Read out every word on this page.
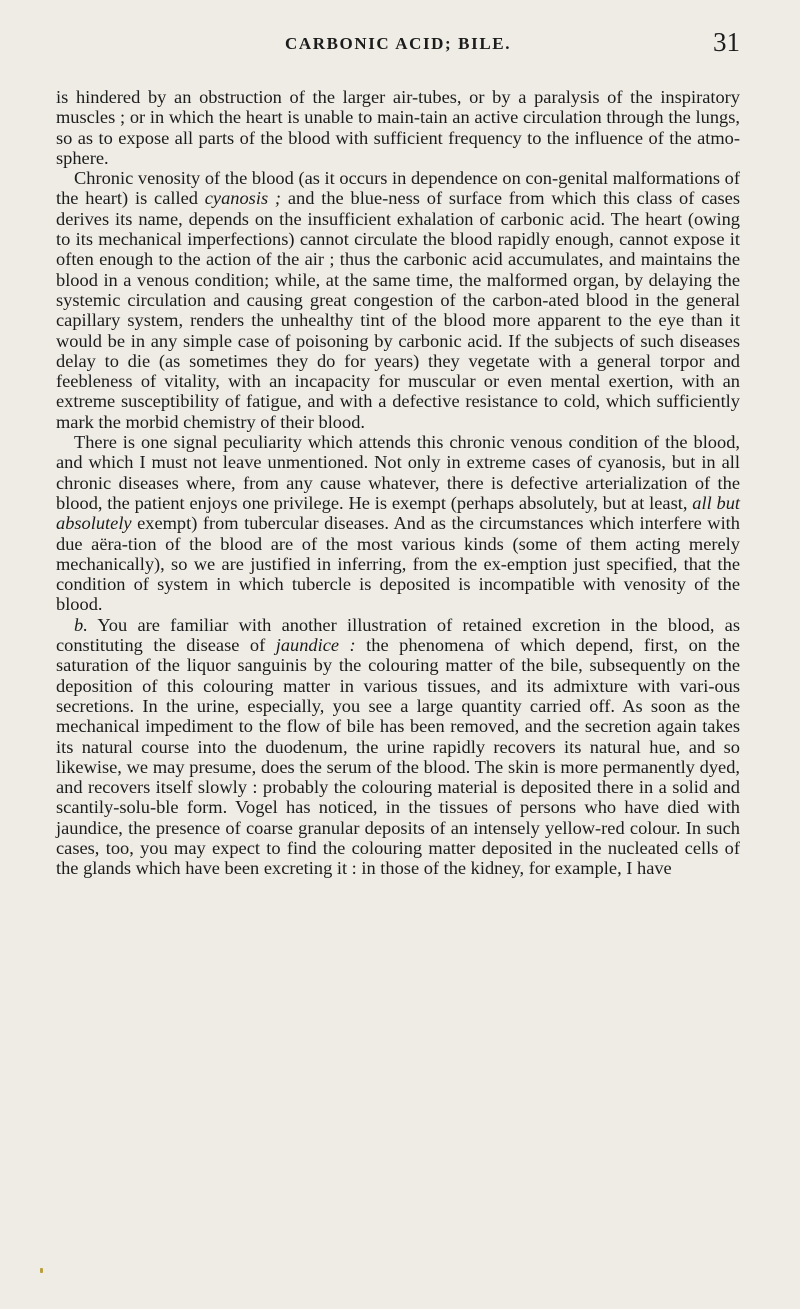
CARBONIC ACID; BILE.	31

is hindered by an obstruction of the larger air-tubes, or by a paralysis of the inspiratory muscles ; or in which the heart is unable to main-tain an active circulation through the lungs, so as to expose all parts of the blood with sufficient frequency to the influence of the atmo-sphere.

Chronic venosity of the blood (as it occurs in dependence on con-genital malformations of the heart) is called cyanosis ; and the blue-ness of surface from which this class of cases derives its name, depends on the insufficient exhalation of carbonic acid. The heart (owing to its mechanical imperfections) cannot circulate the blood rapidly enough, cannot expose it often enough to the action of the air ; thus the carbonic acid accumulates, and maintains the blood in a venous condition; while, at the same time, the malformed organ, by delaying the systemic circulation and causing great congestion of the carbon-ated blood in the general capillary system, renders the unhealthy tint of the blood more apparent to the eye than it would be in any simple case of poisoning by carbonic acid. If the subjects of such diseases delay to die (as sometimes they do for years) they vegetate with a general torpor and feebleness of vitality, with an incapacity for muscular or even mental exertion, with an extreme susceptibility of fatigue, and with a defective resistance to cold, which sufficiently mark the morbid chemistry of their blood.

There is one signal peculiarity which attends this chronic venous condition of the blood, and which I must not leave unmentioned. Not only in extreme cases of cyanosis, but in all chronic diseases where, from any cause whatever, there is defective arterialization of the blood, the patient enjoys one privilege. He is exempt (perhaps absolutely, but at least, all but absolutely exempt) from tubercular diseases. And as the circumstances which interfere with due aëra-tion of the blood are of the most various kinds (some of them acting merely mechanically), so we are justified in inferring, from the ex-emption just specified, that the condition of system in which tubercle is deposited is incompatible with venosity of the blood.

b. You are familiar with another illustration of retained excretion in the blood, as constituting the disease of jaundice : the phenomena of which depend, first, on the saturation of the liquor sanguinis by the colouring matter of the bile, subsequently on the deposition of this colouring matter in various tissues, and its admixture with vari-ous secretions. In the urine, especially, you see a large quantity carried off. As soon as the mechanical impediment to the flow of bile has been removed, and the secretion again takes its natural course into the duodenum, the urine rapidly recovers its natural hue, and so likewise, we may presume, does the serum of the blood. The skin is more permanently dyed, and recovers itself slowly : probably the colouring material is deposited there in a solid and scantily-solu-ble form. Vogel has noticed, in the tissues of persons who have died with jaundice, the presence of coarse granular deposits of an intensely yellow-red colour. In such cases, too, you may expect to find the colouring matter deposited in the nucleated cells of the glands which have been excreting it : in those of the kidney, for example, I have
